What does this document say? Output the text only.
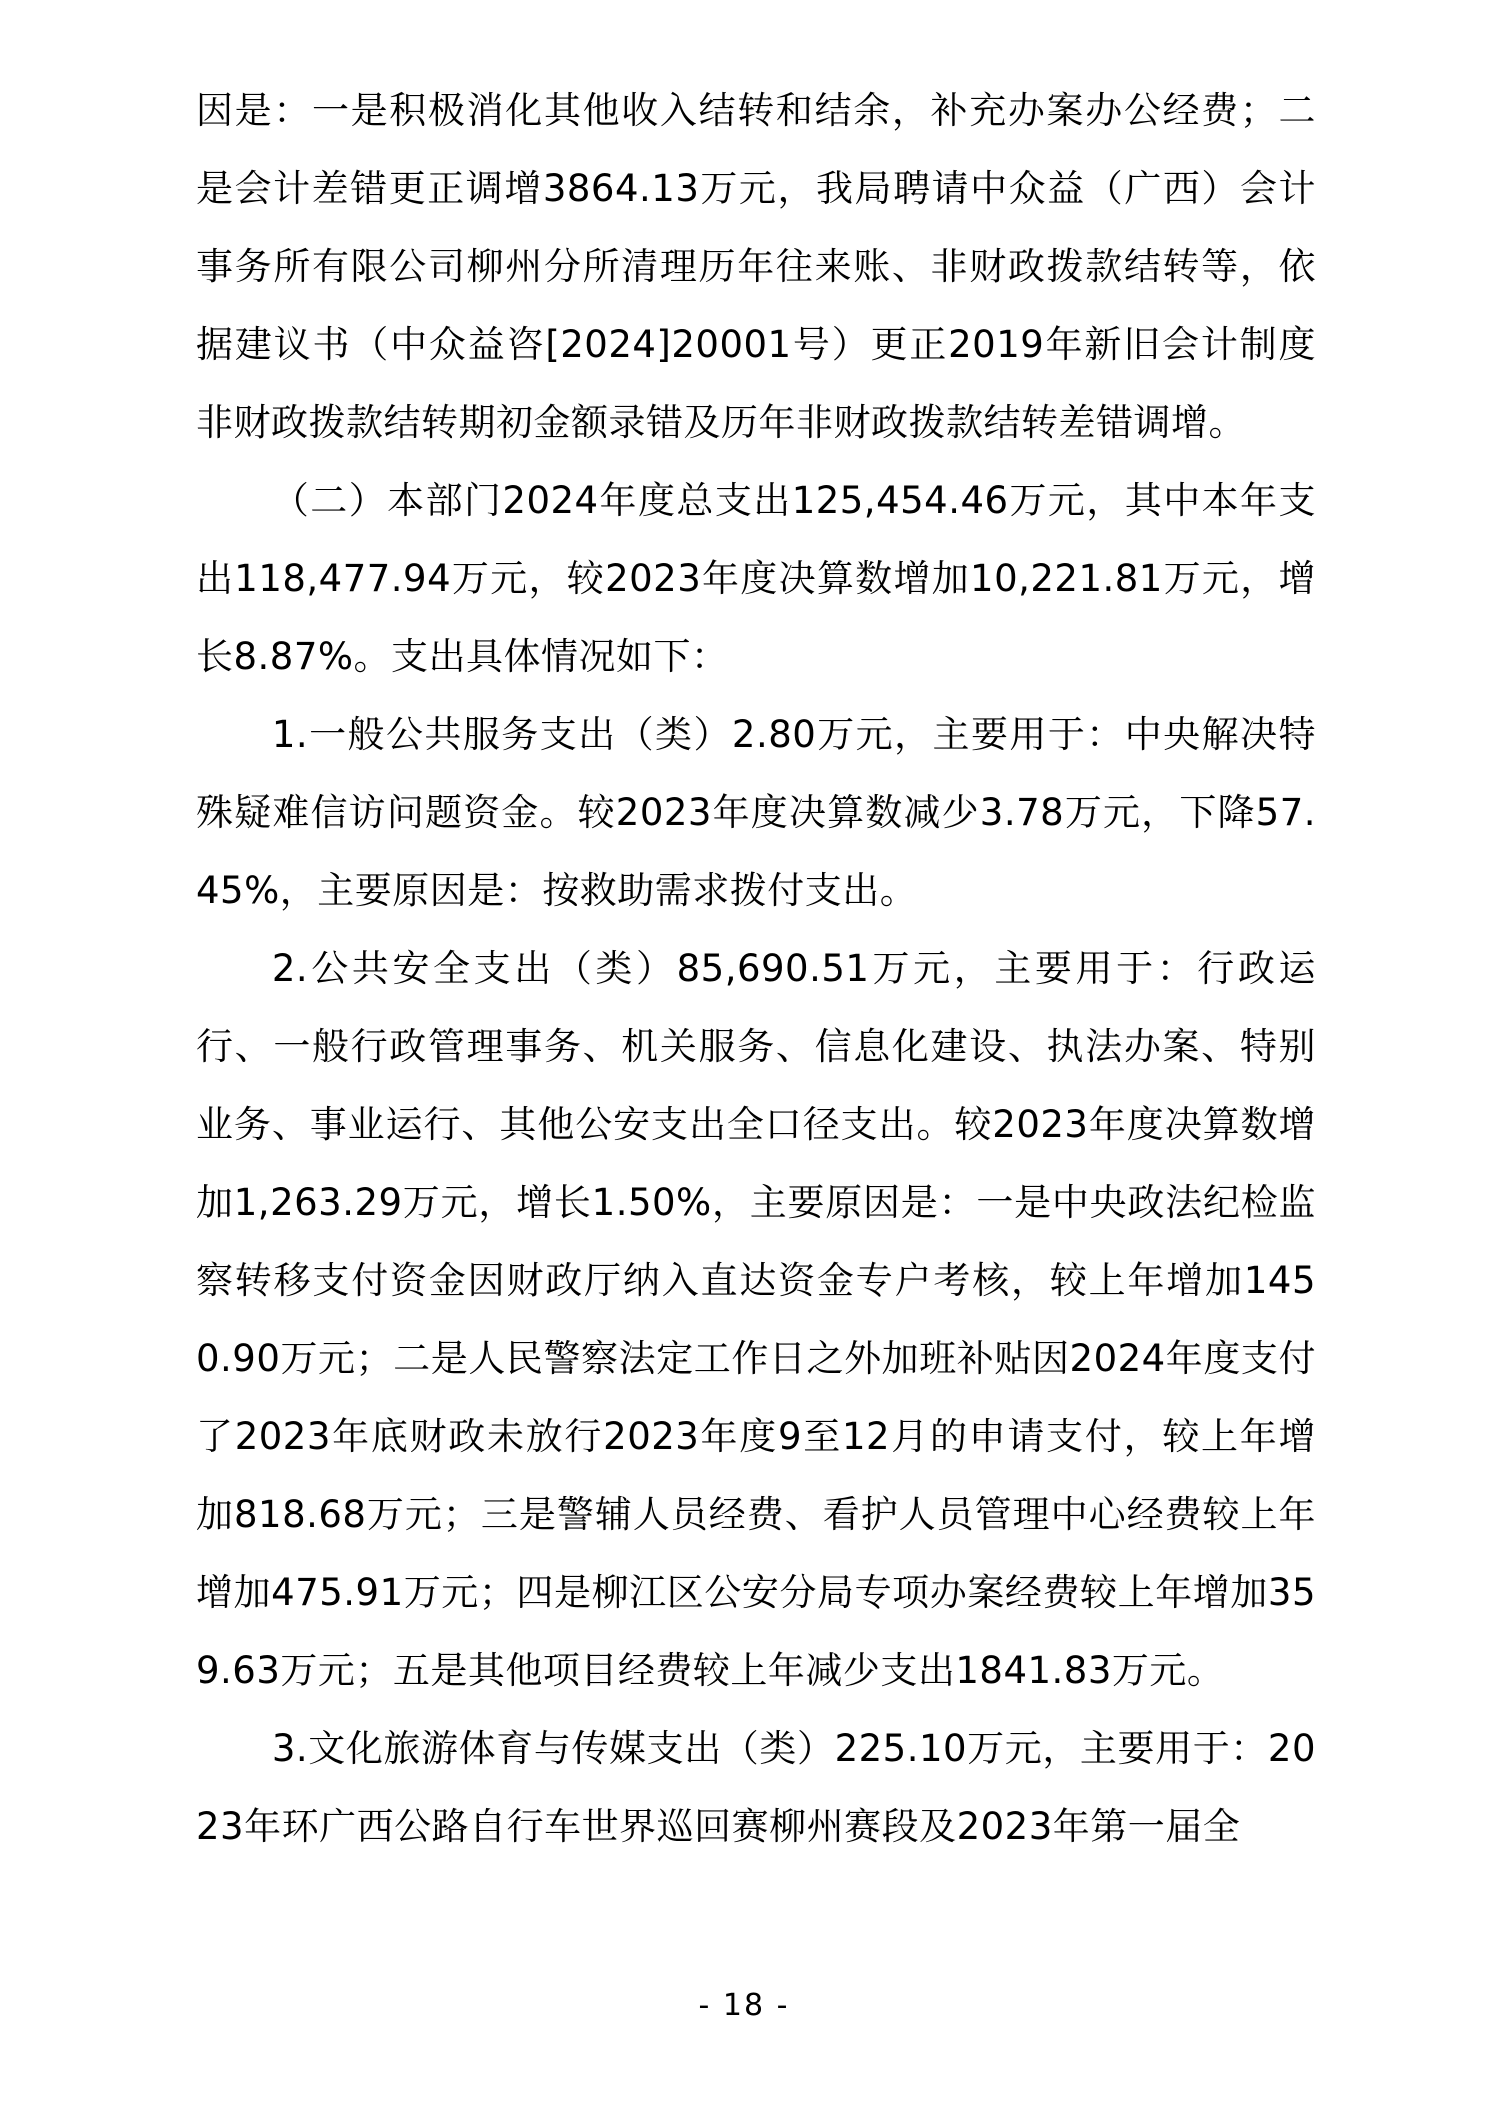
因是：一是积极消化其他收入结转和结余，补充办案办公经费；二是会计差错更正调增3864.13万元，我局聘请中众益（广西）会计事务所有限公司柳州分所清理历年往来账、非财政拨款结转等，依据建议书（中众益咨[2024]20001号）更正2019年新旧会计制度非财政拨款结转期初金额录错及历年非财政拨款结转差错调增。

（二）本部门2024年度总支出125,454.46万元，其中本年支出118,477.94万元，较2023年度决算数增加10,221.81万元，增长8.87%。支出具体情况如下：

1.一般公共服务支出（类）2.80万元，主要用于：中央解决特殊疑难信访问题资金。较2023年度决算数减少3.78万元，下降57.45%，主要原因是：按救助需求拨付支出。

2.公共安全支出（类）85,690.51万元，主要用于：行政运行、一般行政管理事务、机关服务、信息化建设、执法办案、特别业务、事业运行、其他公安支出全口径支出。较2023年度决算数增加1,263.29万元，增长1.50%，主要原因是：一是中央政法纪检监察转移支付资金因财政厅纳入直达资金专户考核，较上年增加1450.90万元；二是人民警察法定工作日之外加班补贴因2024年度支付了2023年底财政未放行2023年度9至12月的申请支付，较上年增加818.68万元；三是警辅人员经费、看护人员管理中心经费较上年增加475.91万元；四是柳江区公安分局专项办案经费较上年增加359.63万元；五是其他项目经费较上年减少支出1841.83万元。

3.文化旅游体育与传媒支出（类）225.10万元，主要用于：2023年环广西公路自行车世界巡回赛柳州赛段及2023年第一届全

- 18 -
